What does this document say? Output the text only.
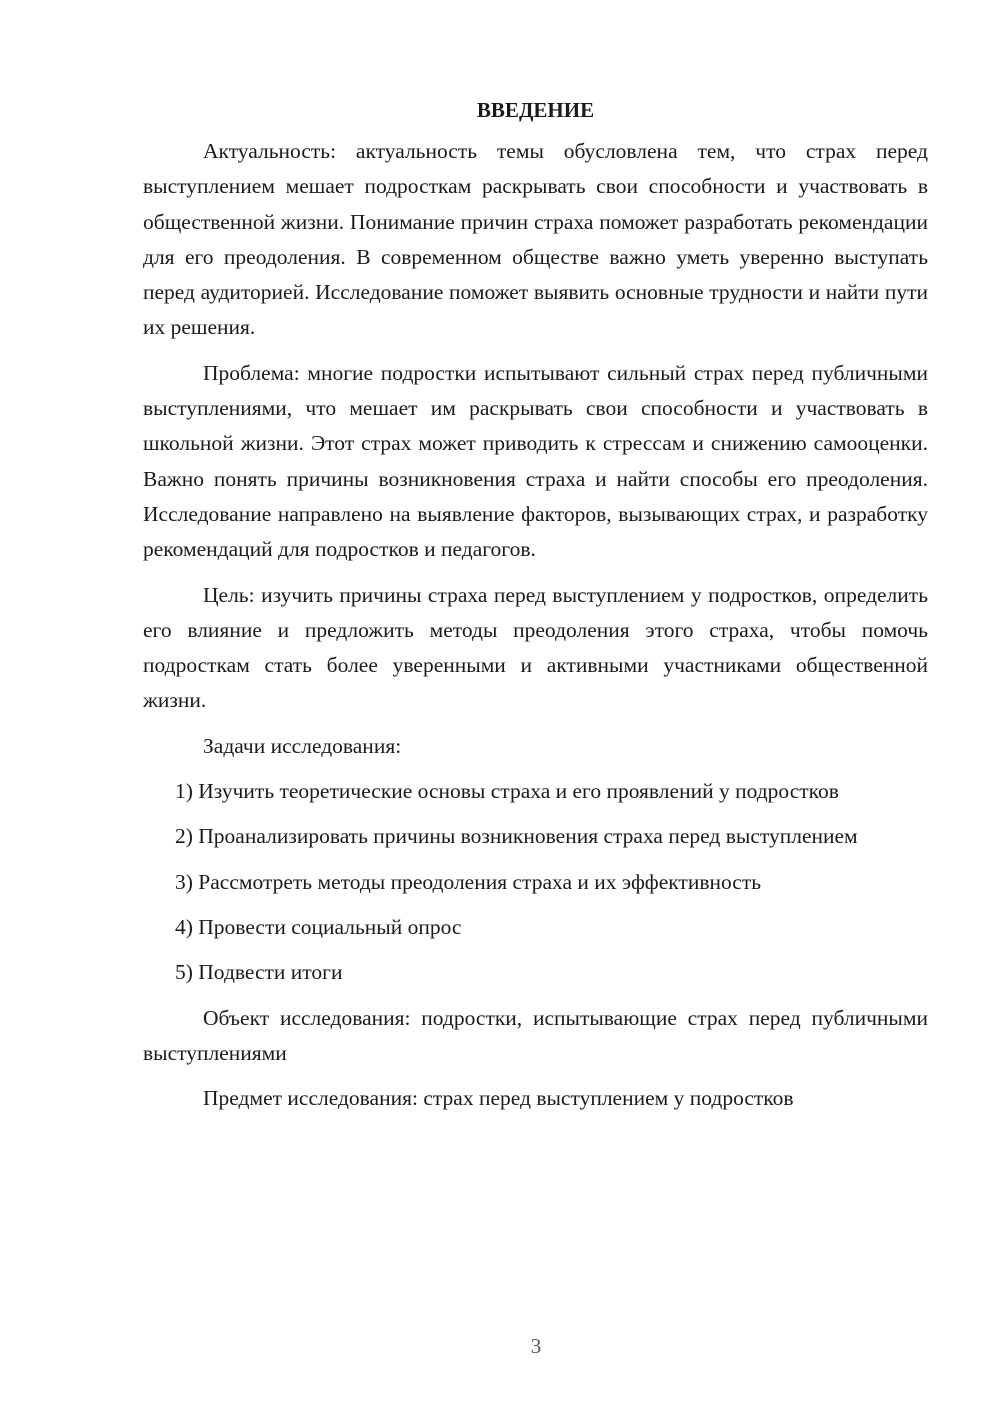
ВВЕДЕНИЕ

Актуальность: актуальность темы обусловлена тем, что страх перед выступлением мешает подросткам раскрывать свои способности и участвовать в общественной жизни. Понимание причин страха поможет разработать рекомендации для его преодоления. В современном обществе важно уметь уверенно выступать перед аудиторией. Исследование поможет выявить основные трудности и найти пути их решения.

Проблема: многие подростки испытывают сильный страх перед публичными выступлениями, что мешает им раскрывать свои способности и участвовать в школьной жизни. Этот страх может приводить к стрессам и снижению самооценки. Важно понять причины возникновения страха и найти способы его преодоления. Исследование направлено на выявление факторов, вызывающих страх, и разработку рекомендаций для подростков и педагогов.

Цель: изучить причины страха перед выступлением у подростков, определить его влияние и предложить методы преодоления этого страха, чтобы помочь подросткам стать более уверенными и активными участниками общественной жизни.

Задачи исследования:

1) Изучить теоретические основы страха и его проявлений у подростков

2) Проанализировать причины возникновения страха перед выступлением

3) Рассмотреть методы преодоления страха и их эффективность

4) Провести социальный опрос

5) Подвести итоги

Объект исследования: подростки, испытывающие страх перед публичными выступлениями

Предмет исследования: страх перед выступлением у подростков

3
